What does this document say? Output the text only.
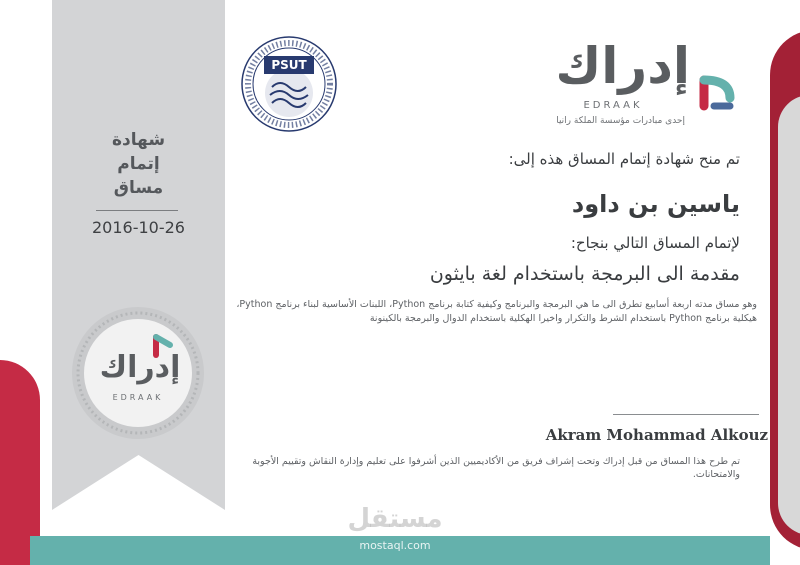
شهادة
إتمام
مساق
2016-10-26
إدراك
EDRAAK
PSUT	إدراك
EDRAAK
إحدى مبادرات مؤسسة الملكة رانيا
تم منح شهادة إتمام المساق هذه إلى:
ياسين بن داود
لإتمام المساق التالي بنجاح:
مقدمة الى البرمجة باستخدام لغة بايثون
وهو مساق مدته اربعة أسابيع تطرق الى ما هي البرمجة والبرنامج وكيفية كتابة برنامج Python، اللبنات الأساسية لبناء برنامج Python، هيكلية برنامج Python باستخدام الشرط والتكرار واخيرا الهكلية باستخدام الدوال والبرمجة بالكينونة
Akram Mohammad Alkouz
تم طرح هذا المساق من قبل إدراك وتحت إشراف فريق من الأكاديميين الذين أشرفوا على تعليم وإدارة النقاش وتقييم الأجوبة والامتحانات.
مستقل
mostaql.com
